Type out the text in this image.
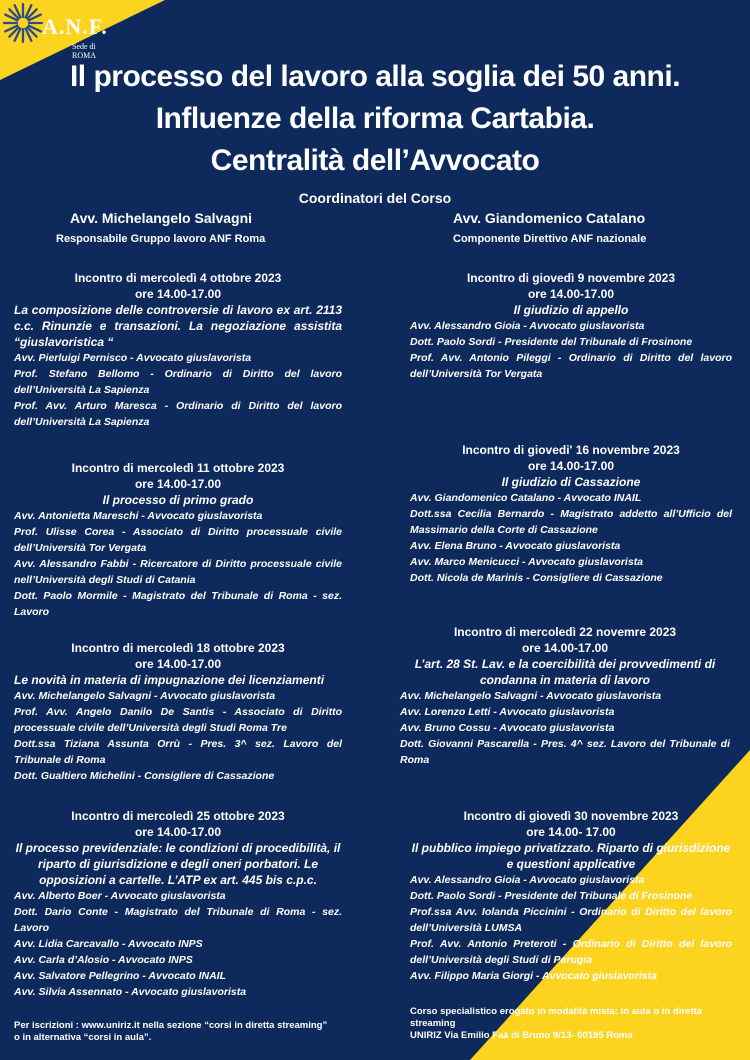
A.N.F.
Sede di ROMA
Il processo del lavoro alla soglia dei 50 anni.
Influenze della riforma Cartabia.
Centralità dell’Avvocato
Coordinatori del Corso
Avv. Michelangelo Salvagni
Responsabile Gruppo lavoro ANF Roma
Avv. Giandomenico Catalano
Componente Direttivo ANF nazionale
Incontro di mercoledì 4 ottobre 2023
ore 14.00-17.00
La composizione delle controversie di lavoro ex art. 2113 c.c. Rinunzie e transazioni. La negoziazione assistita “giuslavoristica “
Avv. Pierluigi Pernisco - Avvocato giuslavorista
Prof. Stefano Bellomo - Ordinario di Diritto del lavoro dell’Università La Sapienza
Prof. Avv. Arturo Maresca - Ordinario di Diritto del lavoro dell’Università La Sapienza
Incontro di mercoledì 11 ottobre 2023
ore 14.00-17.00
Il processo di primo grado
Avv. Antonietta Mareschi - Avvocato giuslavorista
Prof. Ulisse Corea - Associato di Diritto processuale civile dell’Università Tor Vergata
Avv. Alessandro Fabbi - Ricercatore di Diritto processuale civile nell’Università degli Studi di Catania
Dott. Paolo Mormile - Magistrato del Tribunale di Roma - sez. Lavoro
Incontro di mercoledì 18 ottobre 2023
ore 14.00-17.00
Le novità in materia di impugnazione dei licenziamenti
Avv. Michelangelo Salvagni - Avvocato giuslavorista
Prof. Avv. Angelo Danilo De Santis - Associato di Diritto processuale civile dell’Università degli Studi Roma Tre
Dott.ssa Tiziana Assunta Orrù - Pres. 3^ sez. Lavoro del Tribunale di Roma
Dott. Gualtiero Michelini - Consigliere di Cassazione
Incontro di mercoledì 25 ottobre 2023
ore 14.00-17.00
Il processo previdenziale: le condizioni di procedibilità, il riparto di giurisdizione e degli oneri porbatori. Le opposizioni a cartelle. L’ATP ex art. 445 bis c.p.c.
Avv. Alberto Boer - Avvocato giuslavorista
Dott. Dario Conte - Magistrato del Tribunale di Roma - sez. Lavoro
Avv. Lidia Carcavallo - Avvocato INPS
Avv. Carla d’Alosio - Avvocato INPS
Avv. Salvatore Pellegrino - Avvocato INAIL
Avv. Silvia Assennato - Avvocato giuslavorista
Incontro di giovedì 9 novembre 2023
ore 14.00-17.00
Il giudizio di appello
Avv. Alessandro Gioia - Avvocato giuslavorista
Dott. Paolo Sordi - Presidente del Tribunale di Frosinone
Prof. Avv. Antonio Pileggi - Ordinario di Diritto del lavoro dell’Università Tor Vergata
Incontro di giovedi' 16 novembre 2023
ore 14.00-17.00
Il giudizio di Cassazione
Avv. Giandomenico Catalano - Avvocato INAIL
Dott.ssa Cecilia Bernardo - Magistrato addetto all’Ufficio del Massimario della Corte di Cassazione
Avv. Elena Bruno - Avvocato giuslavorista
Avv. Marco Menicucci - Avvocato giuslavorista
Dott. Nicola de Marinis - Consigliere di Cassazione
Incontro di mercoledì 22 novemre 2023
ore 14.00-17.00
L’art. 28 St. Lav. e la coercibilità dei provvedimenti di condanna in materia di lavoro
Avv. Michelangelo Salvagni - Avvocato giuslavorista
Avv. Lorenzo Letti - Avvocato giuslavorista
Avv. Bruno Cossu - Avvocato giuslavorista
Dott. Giovanni Pascarella - Pres. 4^ sez. Lavoro del Tribunale di Roma
Incontro di giovedì 30 novembre 2023
ore 14.00- 17.00
Il pubblico impiego privatizzato. Riparto di giurisdizione e questioni applicative
Avv. Alessandro Gioia - Avvocato giuslavorista
Dott. Paolo Sordi - Presidente del Tribunale di Frosinone
Prof.ssa Avv. Iolanda Piccinini - Ordinario di Diritto del lavoro dell’Università LUMSA
Prof. Avv. Antonio Preteroti - Ordinario di Diritto del lavoro dell’Università degli Studi di Perugia
Avv. Filippo Maria Giorgi - Avvocato giuslavorista
Per iscrizioni : www.uniriz.it nella sezione “corsi in diretta streaming”
o in alternativa “corsi in aula”.
Corso specialistico erogato in modalità mista: in aula o in diretta streaming
UNIRIZ Via Emilio Faà di Bruno 9/13- 00195 Roma
